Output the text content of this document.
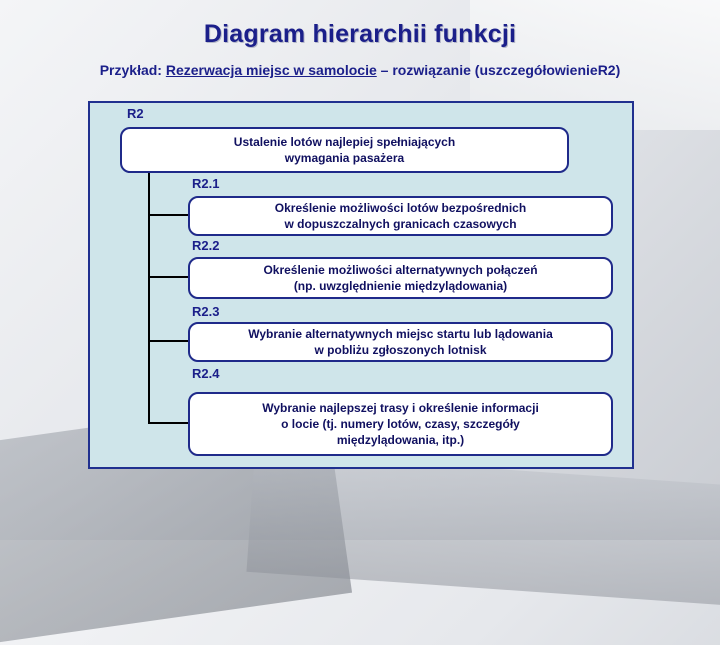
Diagram hierarchii funkcji
Przykład: Rezerwacja miejsc w samolocie – rozwiązanie (uszczegółowienieR2)
R2
Ustalenie lotów najlepiej spełniających
wymagania pasażera
R2.1
Określenie możliwości lotów bezpośrednich
w dopuszczalnych granicach czasowych
R2.2
Określenie możliwości alternatywnych połączeń
(np. uwzględnienie międzylądowania)
R2.3
Wybranie alternatywnych miejsc startu lub lądowania
w pobliżu zgłoszonych lotnisk
R2.4
Wybranie najlepszej trasy i określenie informacji
o locie (tj. numery lotów, czasy, szczegóły
międzylądowania, itp.)
